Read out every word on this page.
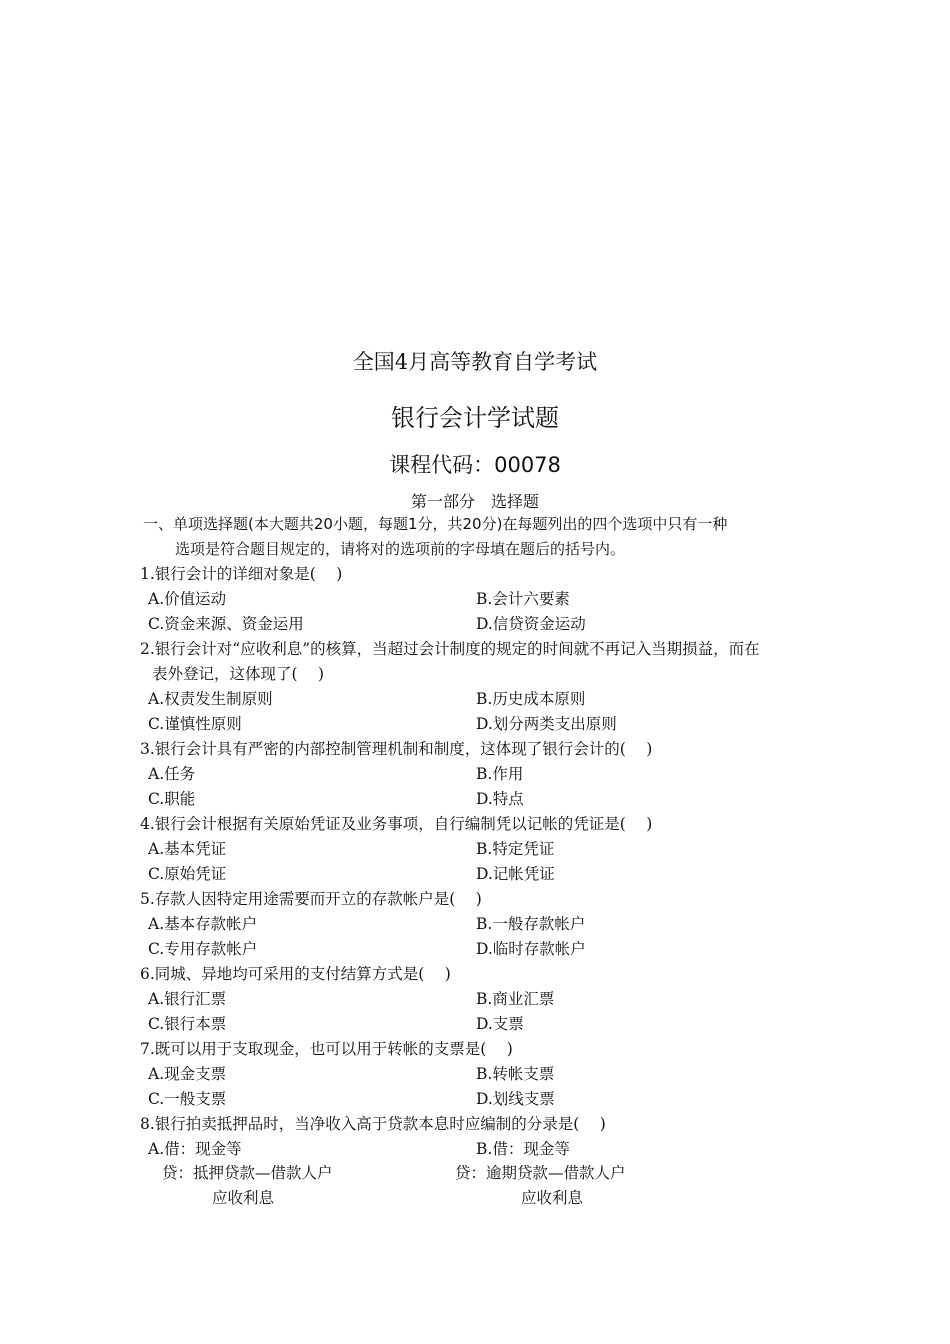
全国4月高等教育自学考试
银行会计学试题
课程代码：00078
第一部分　选择题
一、单项选择题(本大题共20小题，每题1分，共20分)在每题列出的四个选项中只有一种
选项是符合题目规定的，请将对的选项前的字母填在题后的括号内。
1.银行会计的详细对象是(　 )
A.价值运动	B.会计六要素
C.资金来源、资金运用	D.信贷资金运动
2.银行会计对“应收利息”的核算，当超过会计制度的规定的时间就不再记入当期损益，而在
表外登记，这体现了(　 )
A.权责发生制原则	B.历史成本原则
C.谨慎性原则	D.划分两类支出原则
3.银行会计具有严密的内部控制管理机制和制度，这体现了银行会计的(　 )
A.任务	B.作用
C.职能	D.特点
4.银行会计根据有关原始凭证及业务事项，自行编制凭以记帐的凭证是(　 )
A.基本凭证	B.特定凭证
C.原始凭证	D.记帐凭证
5.存款人因特定用途需要而开立的存款帐户是(　 )
A.基本存款帐户	B.一般存款帐户
C.专用存款帐户	D.临时存款帐户
6.同城、异地均可采用的支付结算方式是(　 )
A.银行汇票	B.商业汇票
C.银行本票	D.支票
7.既可以用于支取现金，也可以用于转帐的支票是(　 )
A.现金支票	B.转帐支票
C.一般支票	D.划线支票
8.银行拍卖抵押品时，当净收入高于贷款本息时应编制的分录是(　 )
A.借：现金等	B.借：现金等
贷：抵押贷款—借款人户	贷：逾期贷款—借款人户
应收利息	应收利息
